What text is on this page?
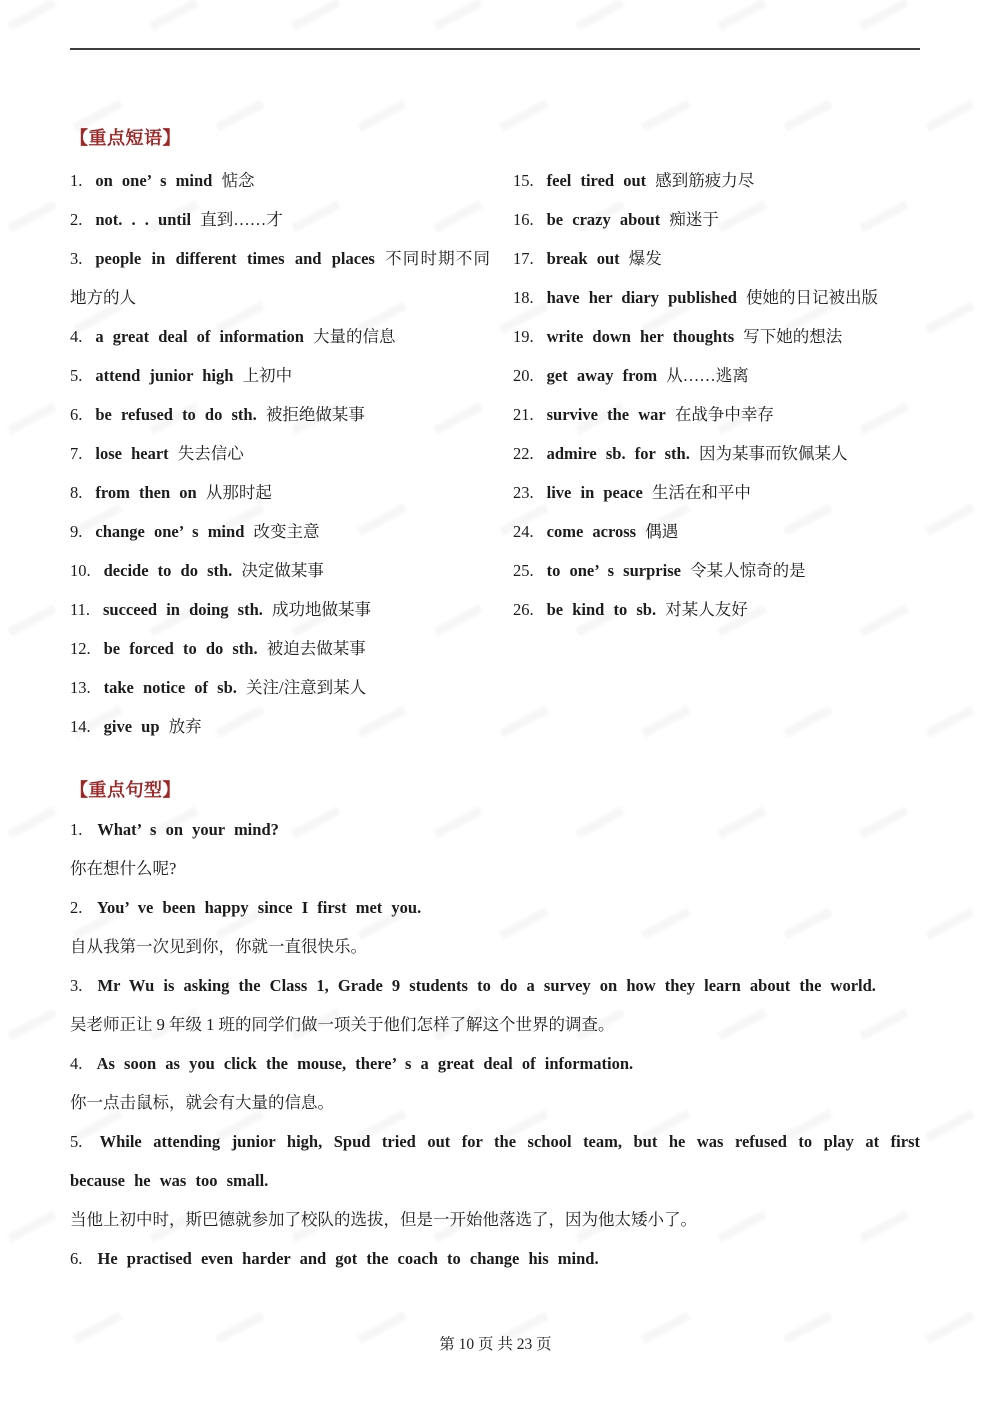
【重点短语】
1. on one’ s mind 惦念
2. not. . . until 直到……才
3. people in different times and places 不同时期不同地方的人
4. a great deal of information 大量的信息
5. attend junior high 上初中
6. be refused to do sth. 被拒绝做某事
7. lose heart 失去信心
8. from then on 从那时起
9. change one’ s mind 改变主意
10. decide to do sth. 决定做某事
11. succeed in doing sth. 成功地做某事
12. be forced to do sth. 被迫去做某事
13. take notice of sb. 关注/注意到某人
14. give up 放弃
15. feel tired out 感到筋疲力尽
16. be crazy about 痴迷于
17. break out 爆发
18. have her diary published 使她的日记被出版
19. write down her thoughts 写下她的想法
20. get away from 从……逃离
21. survive the war 在战争中幸存
22. admire sb. for sth. 因为某事而钦佩某人
23. live in peace 生活在和平中
24. come across 偶遇
25. to one’ s surprise 令某人惊奇的是
26. be kind to sb. 对某人友好
【重点句型】

1. What’ s on your mind?

你在想什么呢?

2. You’ ve been happy since I first met you.

自从我第一次见到你，你就一直很快乐。

3. Mr Wu is asking the Class 1, Grade 9 students to do a survey on how they learn about the world.

吴老师正让 9 年级 1 班的同学们做一项关于他们怎样了解这个世界的调查。

4. As soon as you click the mouse, there’ s a great deal of information.

你一点击鼠标，就会有大量的信息。

5. While attending junior high, Spud tried out for the school team, but he was refused to play at first because he was too small.

当他上初中时，斯巴德就参加了校队的选拔，但是一开始他落选了，因为他太矮小了。

6. He practised even harder and got the coach to change his mind.

第 10 页 共 23 页
